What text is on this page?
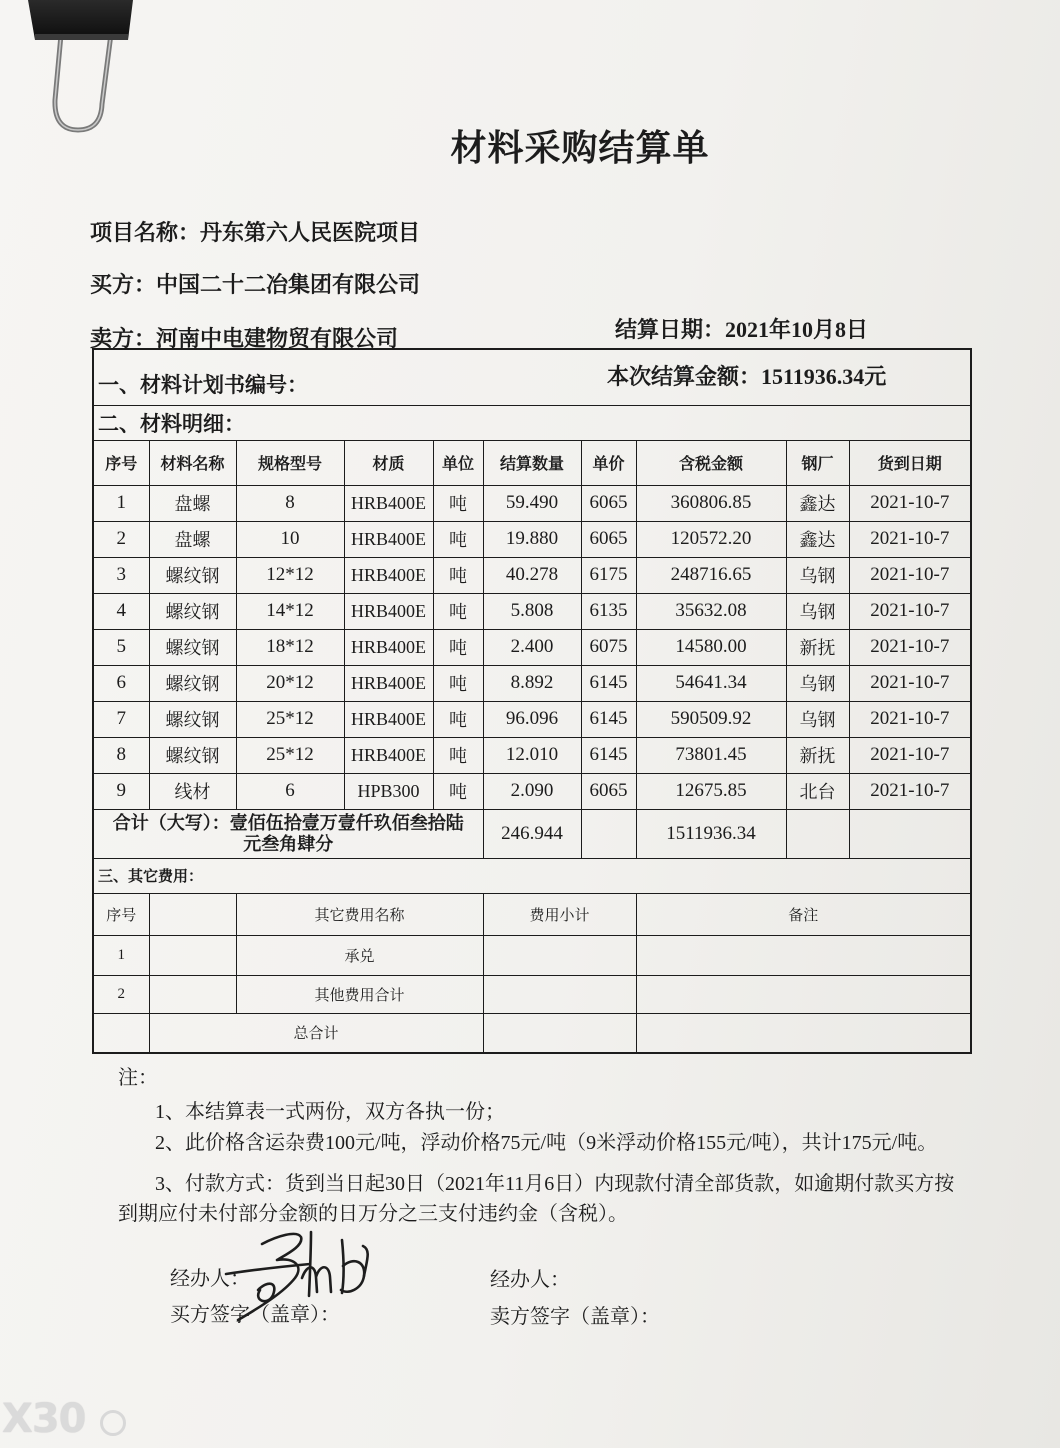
材料采购结算单
项目名称：丹东第六人民医院项目
买方：中国二十二冶集团有限公司
卖方：河南中电建物贸有限公司	结算日期：2021年10月8日
一、材料计划书编号： 本次结算金额：1511936.34元									

二、材料明细：									
序号	材料名称	规格型号	材质	单位	结算数量	单价	含税金额	钢厂	货到日期
1	盘螺	8	HRB400E	吨	59.490	6065	360806.85	鑫达	2021-10-7
2	盘螺	10	HRB400E	吨	19.880	6065	120572.20	鑫达	2021-10-7
3	螺纹钢	12*12	HRB400E	吨	40.278	6175	248716.65	乌钢	2021-10-7
4	螺纹钢	14*12	HRB400E	吨	5.808	6135	35632.08	乌钢	2021-10-7
5	螺纹钢	18*12	HRB400E	吨	2.400	6075	14580.00	新抚	2021-10-7
6	螺纹钢	20*12	HRB400E	吨	8.892	6145	54641.34	乌钢	2021-10-7
7	螺纹钢	25*12	HRB400E	吨	96.096	6145	590509.92	乌钢	2021-10-7
8	螺纹钢	25*12	HRB400E	吨	12.010	6145	73801.45	新抚	2021-10-7
9	线材	6	HPB300	吨	2.090	6065	12675.85	北台	2021-10-7
合计（大写）：壹佰伍拾壹万壹仟玖佰叁拾陆元叁角肆分					246.944		1511936.34		
三、其它费用：									
序号		其它费用名称			费用小计		备注		
1		承兑							
2		其他费用合计							
	总合计								
注：
1、本结算表一式两份，双方各执一份；
2、此价格含运杂费100元/吨，浮动价格75元/吨（9米浮动价格155元/吨），共计175元/吨。
3、付款方式：货到当日起30日（2021年11月6日）内现款付清全部货款，如逾期付款买方按到期应付未付部分金额的日万分之三支付违约金（含税）。
经办人：
买方签字（盖章）：
经办人：
卖方签字（盖章）：
X30
